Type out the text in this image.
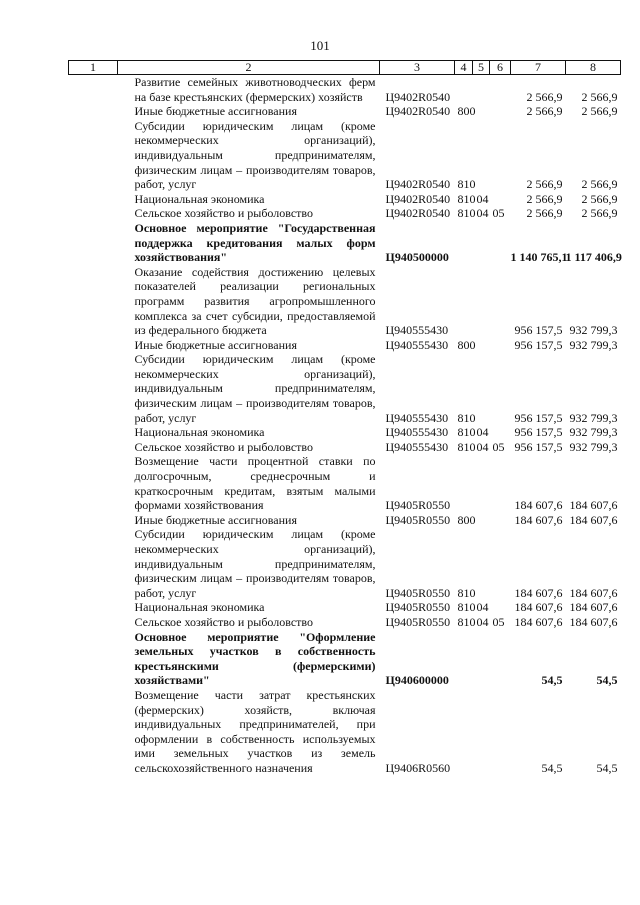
101
1	2	3	4	5	6	7	8
	Развитие семейных животноводческих ферм на базе крестьянских (фермерских) хозяйств	Ц9402R0540				2 566,9	2 566,9
	Иные бюджетные ассигнования	Ц9402R0540	800			2 566,9	2 566,9
	Субсидии юридическим лицам (кроме некоммерческих организаций), индивидуальным предпринимателям, физическим лицам – производителям товаров, работ, услуг	Ц9402R0540	810			2 566,9	2 566,9
	Национальная экономика	Ц9402R0540	810	04		2 566,9	2 566,9
	Сельское хозяйство и рыболовство	Ц9402R0540	810	04	05	2 566,9	2 566,9
	Основное мероприятие "Государственная поддержка кредитования малых форм хозяйствования"	Ц940500000				1 140 765,1	1 117 406,9
	Оказание содействия достижению целевых показателей реализации региональных программ развития агропромышленного комплекса за счет субсидии, предоставляемой из федерального бюджета	Ц940555430				956 157,5	932 799,3
	Иные бюджетные ассигнования	Ц940555430	800			956 157,5	932 799,3
	Субсидии юридическим лицам (кроме некоммерческих организаций), индивидуальным предпринимателям, физическим лицам – производителям товаров, работ, услуг	Ц940555430	810			956 157,5	932 799,3
	Национальная экономика	Ц940555430	810	04		956 157,5	932 799,3
	Сельское хозяйство и рыболовство	Ц940555430	810	04	05	956 157,5	932 799,3
	Возмещение части процентной ставки по долгосрочным, среднесрочным и краткосрочным кредитам, взятым малыми формами хозяйствования	Ц9405R0550				184 607,6	184 607,6
	Иные бюджетные ассигнования	Ц9405R0550	800			184 607,6	184 607,6
	Субсидии юридическим лицам (кроме некоммерческих организаций), индивидуальным предпринимателям, физическим лицам – производителям товаров, работ, услуг	Ц9405R0550	810			184 607,6	184 607,6
	Национальная экономика	Ц9405R0550	810	04		184 607,6	184 607,6
	Сельское хозяйство и рыболовство	Ц9405R0550	810	04	05	184 607,6	184 607,6
	Основное мероприятие "Оформление земельных участков в собственность крестьянскими (фермерскими) хозяйствами"	Ц940600000				54,5	54,5
	Возмещение части затрат крестьянских (фермерских) хозяйств, включая индивидуальных предпринимателей, при оформлении в собственность используемых ими земельных участков из земель сельскохозяйственного назначения	Ц9406R0560				54,5	54,5
